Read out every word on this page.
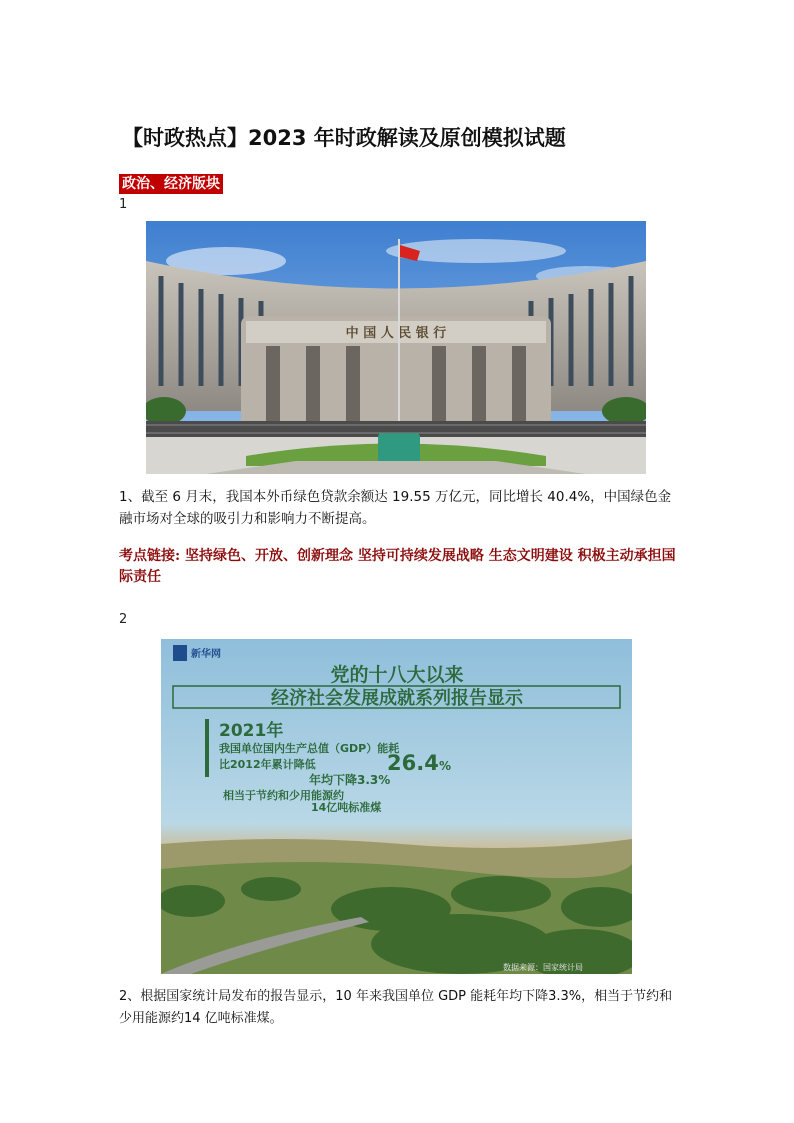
【时政热点】2023 年时政解读及原创模拟试题
政治、经济版块
1
中 国 人 民 银 行
1、截至 6 月末，我国本外币绿色贷款余额达 19.55 万亿元，同比增长 40.4%，中国绿色金融市场对全球的吸引力和影响力不断提高。
考点链接: 坚持绿色、开放、创新理念 坚持可持续发展战略 生态文明建设 积极主动承担国际责任
2
新华网
党的十八大以来
经济社会发展成就系列报告显示
2021年
我国单位国内生产总值（GDP）能耗
比2012年累计降低	26.4 %
年均下降3.3%
相当于节约和少用能源约
14亿吨标准煤
数据来源：国家统计局
2、根据国家统计局发布的报告显示，10 年来我国单位 GDP 能耗年均下降3.3%，相当于节约和少用能源约14 亿吨标准煤。
